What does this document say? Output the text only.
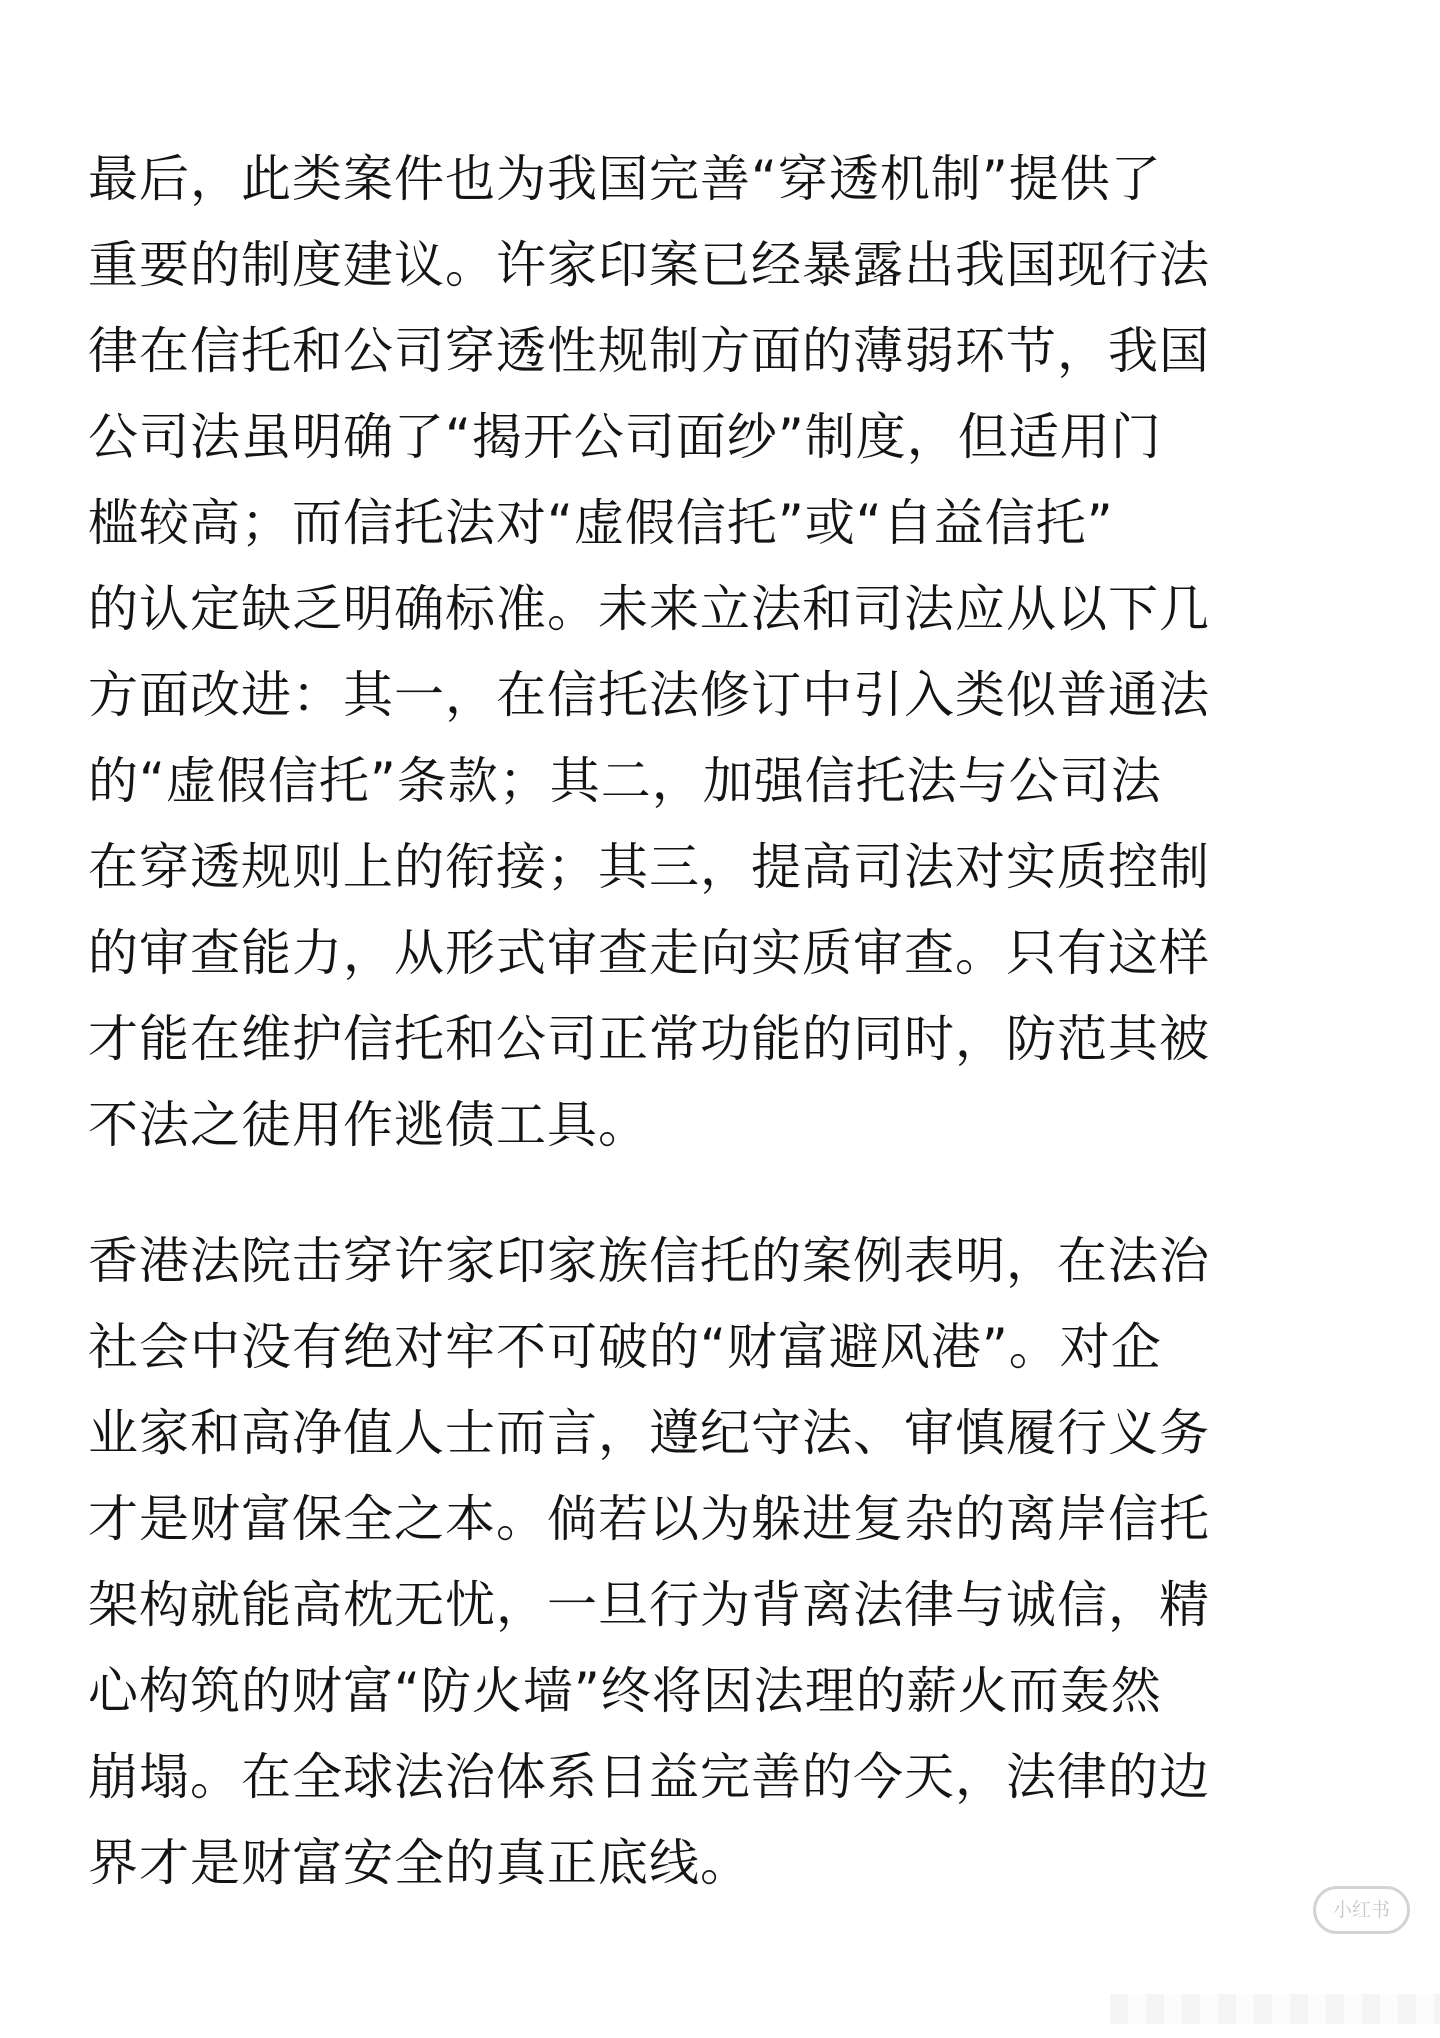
最后，此类案件也为我国完善“穿透机制”提供了
重要的制度建议。许家印案已经暴露出我国现行法
律在信托和公司穿透性规制方面的薄弱环节，我国
公司法虽明确了“揭开公司面纱”制度，但适用门
槛较高；而信托法对“虚假信托”或“自益信托”
的认定缺乏明确标准。未来立法和司法应从以下几
方面改进：其一，在信托法修订中引入类似普通法
的“虚假信托”条款；其二，加强信托法与公司法
在穿透规则上的衔接；其三，提高司法对实质控制
的审查能力，从形式审查走向实质审查。只有这样
才能在维护信托和公司正常功能的同时，防范其被
不法之徒用作逃债工具。

香港法院击穿许家印家族信托的案例表明，在法治
社会中没有绝对牢不可破的“财富避风港”。对企
业家和高净值人士而言，遵纪守法、审慎履行义务
才是财富保全之本。倘若以为躲进复杂的离岸信托
架构就能高枕无忧，一旦行为背离法律与诚信，精
心构筑的财富“防火墙”终将因法理的薪火而轰然
崩塌。在全球法治体系日益完善的今天，法律的边
界才是财富安全的真正底线。

小红书
